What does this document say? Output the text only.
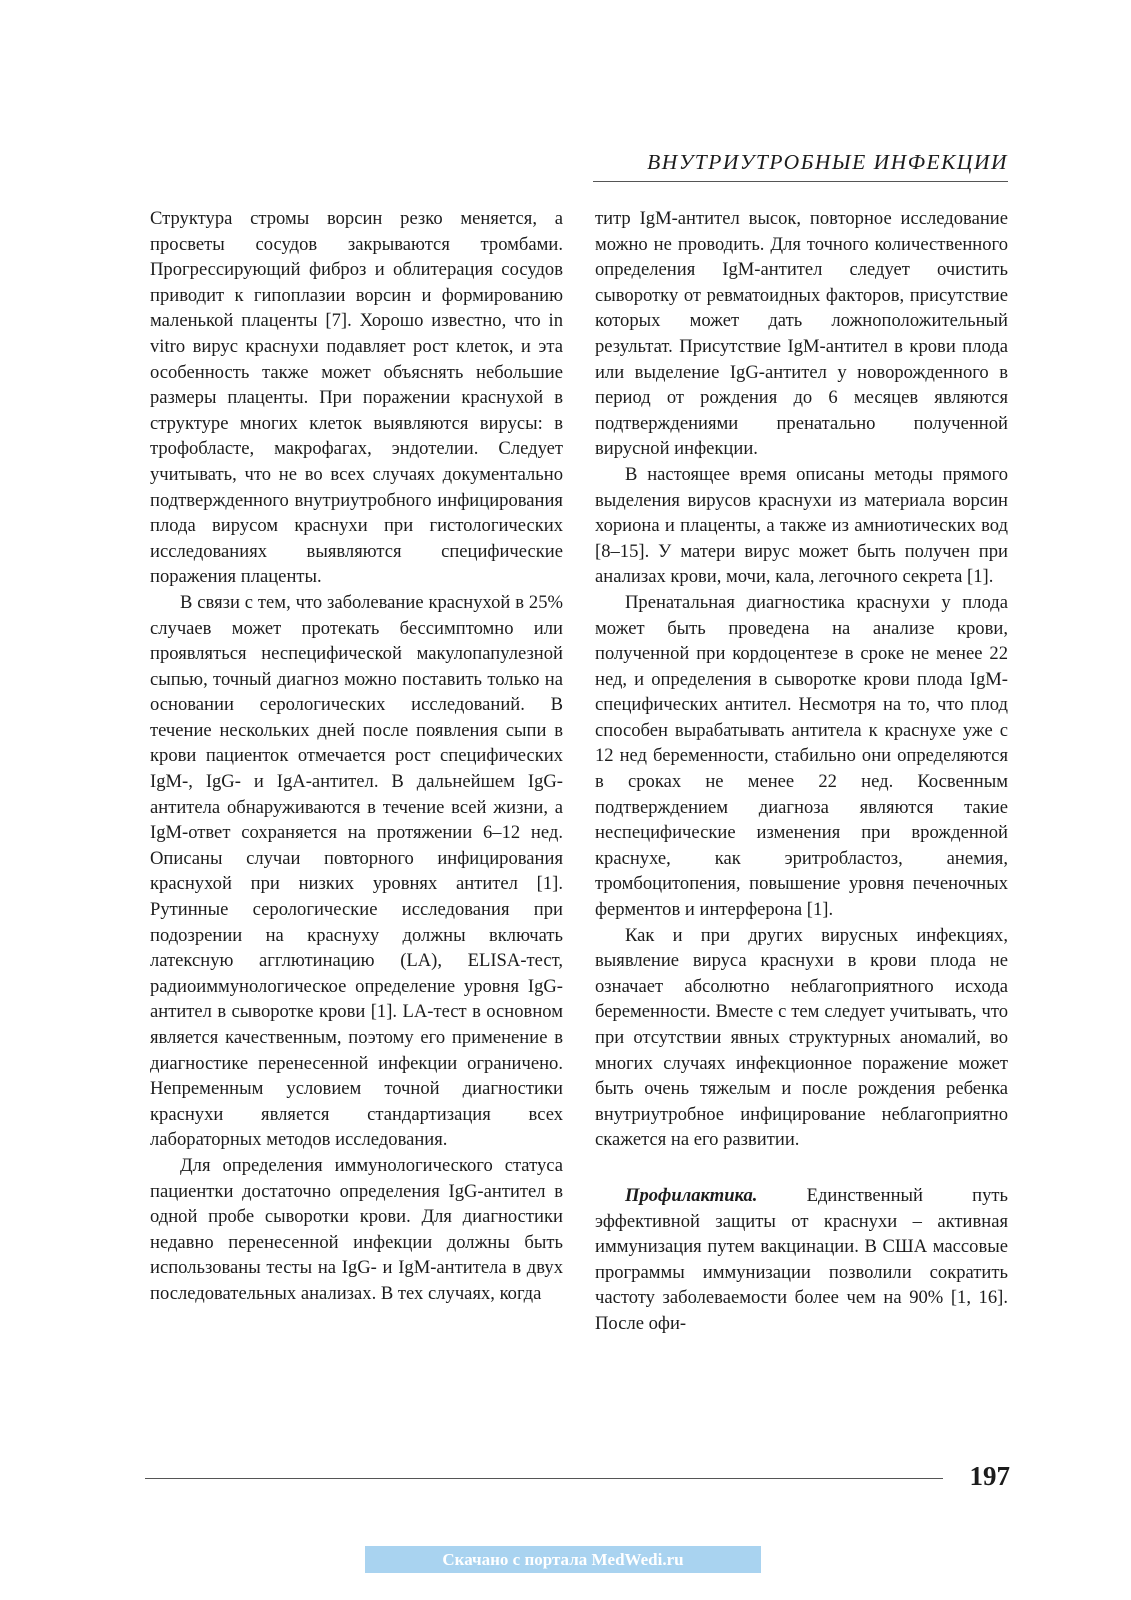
ВНУТРИУТРОБНЫЕ ИНФЕКЦИИ

Структура стромы ворсин резко меняется, а просветы сосудов закрываются тромбами. Прогрессирующий фиброз и облитерация сосудов приводит к гипоплазии ворсин и формированию маленькой плаценты [7]. Хорошо известно, что in vitro вирус краснухи подавляет рост клеток, и эта особенность также может объяснять небольшие размеры плаценты. При поражении краснухой в структуре многих клеток выявляются вирусы: в трофобласте, макрофагах, эндотелии. Следует учитывать, что не во всех случаях документально подтвержденного внутриутробного инфицирования плода вирусом краснухи при гистологических исследованиях выявляются специфические поражения плаценты.

В связи с тем, что заболевание краснухой в 25% случаев может протекать бессимптомно или проявляться неспецифической макулопапулезной сыпью, точный диагноз можно поставить только на основании серологических исследований. В течение нескольких дней после появления сыпи в крови пациенток отмечается рост специфических IgM-, IgG- и IgA-антител. В дальнейшем IgG-антитела обнаруживаются в течение всей жизни, а IgM-ответ сохраняется на протяжении 6–12 нед. Описаны случаи повторного инфицирования краснухой при низких уровнях антител [1]. Рутинные серологические исследования при подозрении на краснуху должны включать латексную агглютинацию (LA), ELISA-тест, радиоиммунологическое определение уровня IgG-антител в сыворотке крови [1]. LA-тест в основном является качественным, поэтому его применение в диагностике перенесенной инфекции ограничено. Непременным условием точной диагностики краснухи является стандартизация всех лабораторных методов исследования.

Для определения иммунологического статуса пациентки достаточно определения IgG-антител в одной пробе сыворотки крови. Для диагностики недавно перенесенной инфекции должны быть использованы тесты на IgG- и IgM-антитела в двух последовательных анализах. В тех случаях, когда

титр IgM-антител высок, повторное исследование можно не проводить. Для точного количественного определения IgM-антител следует очистить сыворотку от ревматоидных факторов, присутствие которых может дать ложноположительный результат. Присутствие IgM-антител в крови плода или выделение IgG-антител у новорожденного в период от рождения до 6 месяцев являются подтверждениями пренатально полученной вирусной инфекции.

В настоящее время описаны методы прямого выделения вирусов краснухи из материала ворсин хориона и плаценты, а также из амниотических вод [8–15]. У матери вирус может быть получен при анализах крови, мочи, кала, легочного секрета [1].

Пренатальная диагностика краснухи у плода может быть проведена на анализе крови, полученной при кордоцентезе в сроке не менее 22 нед, и определения в сыворотке крови плода IgM-специфических антител. Несмотря на то, что плод способен вырабатывать антитела к краснухе уже с 12 нед беременности, стабильно они определяются в сроках не менее 22 нед. Косвенным подтверждением диагноза являются такие неспецифические изменения при врожденной краснухе, как эритробластоз, анемия, тромбоцитопения, повышение уровня печеночных ферментов и интерферона [1].

Как и при других вирусных инфекциях, выявление вируса краснухи в крови плода не означает абсолютно неблагоприятного исхода беременности. Вместе с тем следует учитывать, что при отсутствии явных структурных аномалий, во многих случаях инфекционное поражение может быть очень тяжелым и после рождения ребенка внутриутробное инфицирование неблагоприятно скажется на его развитии.

Профилактика. Единственный путь эффективной защиты от краснухи – активная иммунизация путем вакцинации. В США массовые программы иммунизации позволили сократить частоту заболеваемости более чем на 90% [1, 16]. После офи-

197
Скачано с портала MedWedi.ru
